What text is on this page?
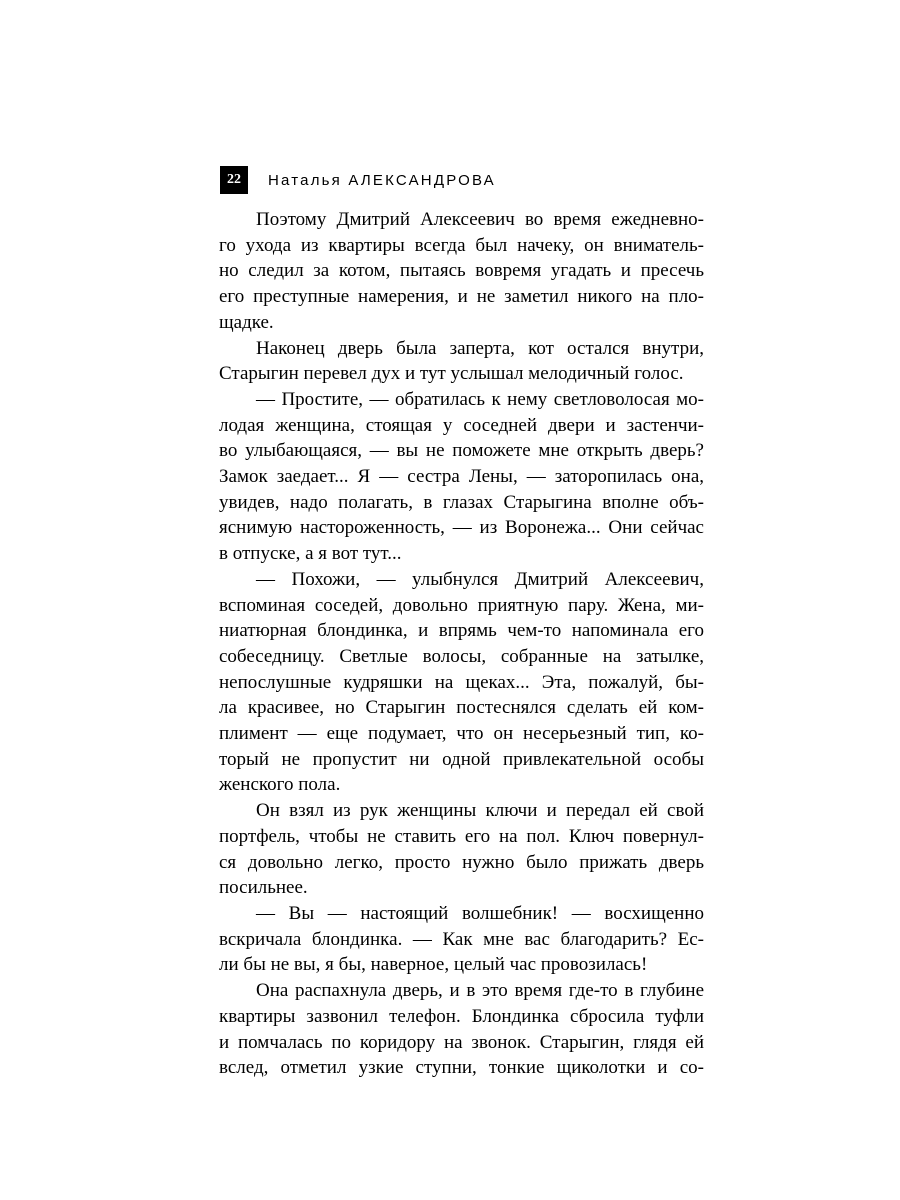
22	Наталья АЛЕКСАНДРОВА

Поэтому Дмитрий Алексеевич во время ежедневно-
го ухода из квартиры всегда был начеку, он вниматель-
но следил за котом, пытаясь вовремя угадать и пресечь
его преступные намерения, и не заметил никого на пло-
щадке.

Наконец дверь была заперта, кот остался внутри,
Старыгин перевел дух и тут услышал мелодичный голос.

— Простите, — обратилась к нему светловолосая мо-
лодая женщина, стоящая у соседней двери и застенчи-
во улыбающаяся, — вы не поможете мне открыть дверь?
Замок заедает... Я — сестра Лены, — заторопилась она,
увидев, надо полагать, в глазах Старыгина вполне объ-
яснимую настороженность, — из Воронежа... Они сейчас
в отпуске, а я вот тут...

— Похожи, — улыбнулся Дмитрий Алексеевич,
вспоминая соседей, довольно приятную пару. Жена, ми-
ниатюрная блондинка, и впрямь чем-то напоминала его
собеседницу. Светлые волосы, собранные на затылке,
непослушные кудряшки на щеках... Эта, пожалуй, бы-
ла красивее, но Старыгин постеснялся сделать ей ком-
плимент — еще подумает, что он несерьезный тип, ко-
торый не пропустит ни одной привлекательной особы
женского пола.

Он взял из рук женщины ключи и передал ей свой
портфель, чтобы не ставить его на пол. Ключ повернул-
ся довольно легко, просто нужно было прижать дверь
посильнее.

— Вы — настоящий волшебник! — восхищенно
вскричала блондинка. — Как мне вас благодарить? Ес-
ли бы не вы, я бы, наверное, целый час провозилась!

Она распахнула дверь, и в это время где-то в глубине
квартиры зазвонил телефон. Блондинка сбросила туфли
и помчалась по коридору на звонок. Старыгин, глядя ей
вслед, отметил узкие ступни, тонкие щиколотки и со-
